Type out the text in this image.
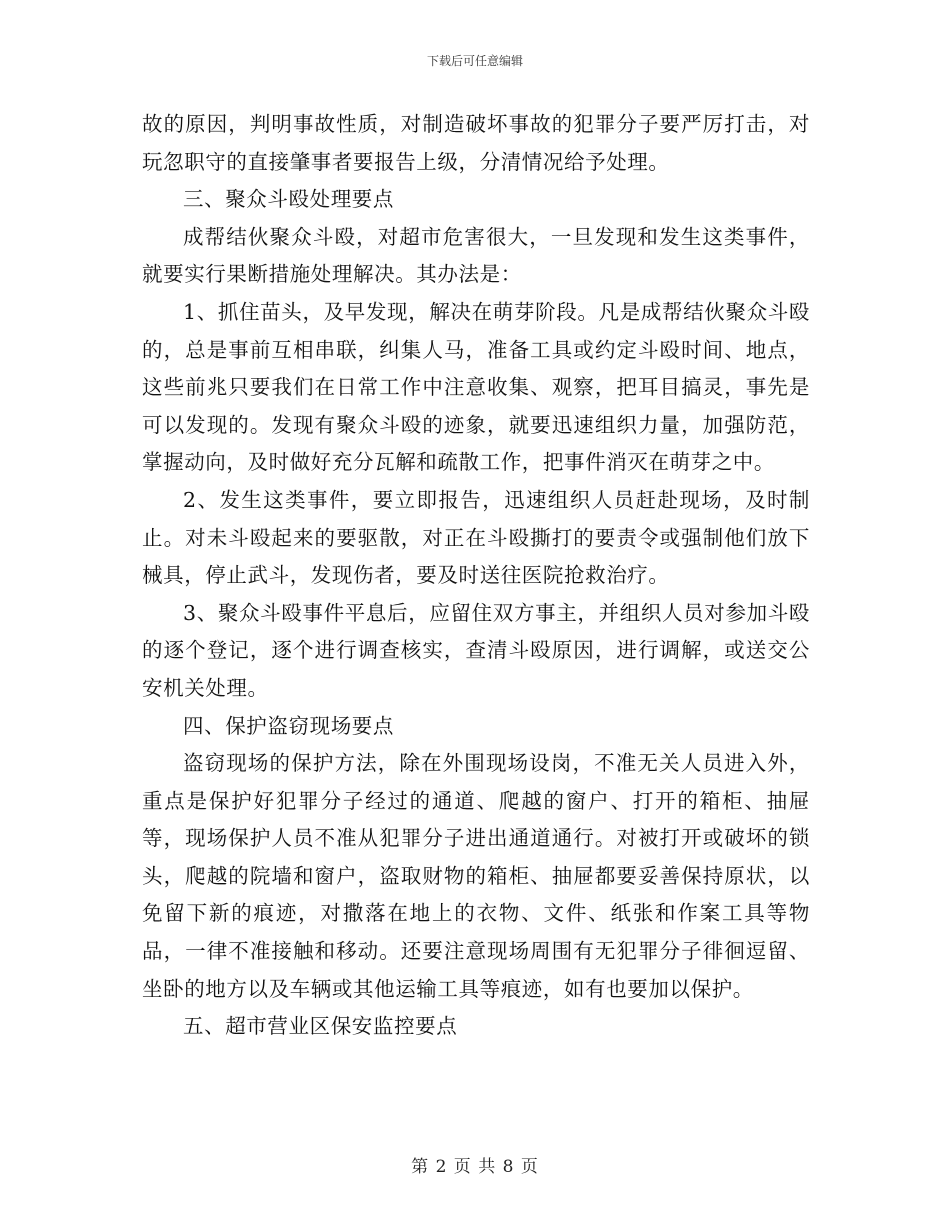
下载后可任意编辑

故的原因，判明事故性质，对制造破坏事故的犯罪分子要严厉打击，对玩忽职守的直接肇事者要报告上级，分清情况给予处理。

三、聚众斗殴处理要点

成帮结伙聚众斗殴，对超市危害很大，一旦发现和发生这类事件，就要实行果断措施处理解决。其办法是：

1、抓住苗头，及早发现，解决在萌芽阶段。凡是成帮结伙聚众斗殴的，总是事前互相串联，纠集人马，准备工具或约定斗殴时间、地点，这些前兆只要我们在日常工作中注意收集、观察，把耳目搞灵，事先是可以发现的。发现有聚众斗殴的迹象，就要迅速组织力量，加强防范，掌握动向，及时做好充分瓦解和疏散工作，把事件消灭在萌芽之中。

2、发生这类事件，要立即报告，迅速组织人员赶赴现场，及时制止。对未斗殴起来的要驱散，对正在斗殴撕打的要责令或强制他们放下械具，停止武斗，发现伤者，要及时送往医院抢救治疗。

3、聚众斗殴事件平息后，应留住双方事主，并组织人员对参加斗殴的逐个登记，逐个进行调查核实，查清斗殴原因，进行调解，或送交公安机关处理。

四、保护盗窃现场要点

盗窃现场的保护方法，除在外围现场设岗，不准无关人员进入外，重点是保护好犯罪分子经过的通道、爬越的窗户、打开的箱柜、抽屉等，现场保护人员不准从犯罪分子进出通道通行。对被打开或破坏的锁头，爬越的院墙和窗户，盗取财物的箱柜、抽屉都要妥善保持原状，以免留下新的痕迹，对撒落在地上的衣物、文件、纸张和作案工具等物品，一律不准接触和移动。还要注意现场周围有无犯罪分子徘徊逗留、坐卧的地方以及车辆或其他运输工具等痕迹，如有也要加以保护。

五、超市营业区保安监控要点

第 2 页 共 8 页
